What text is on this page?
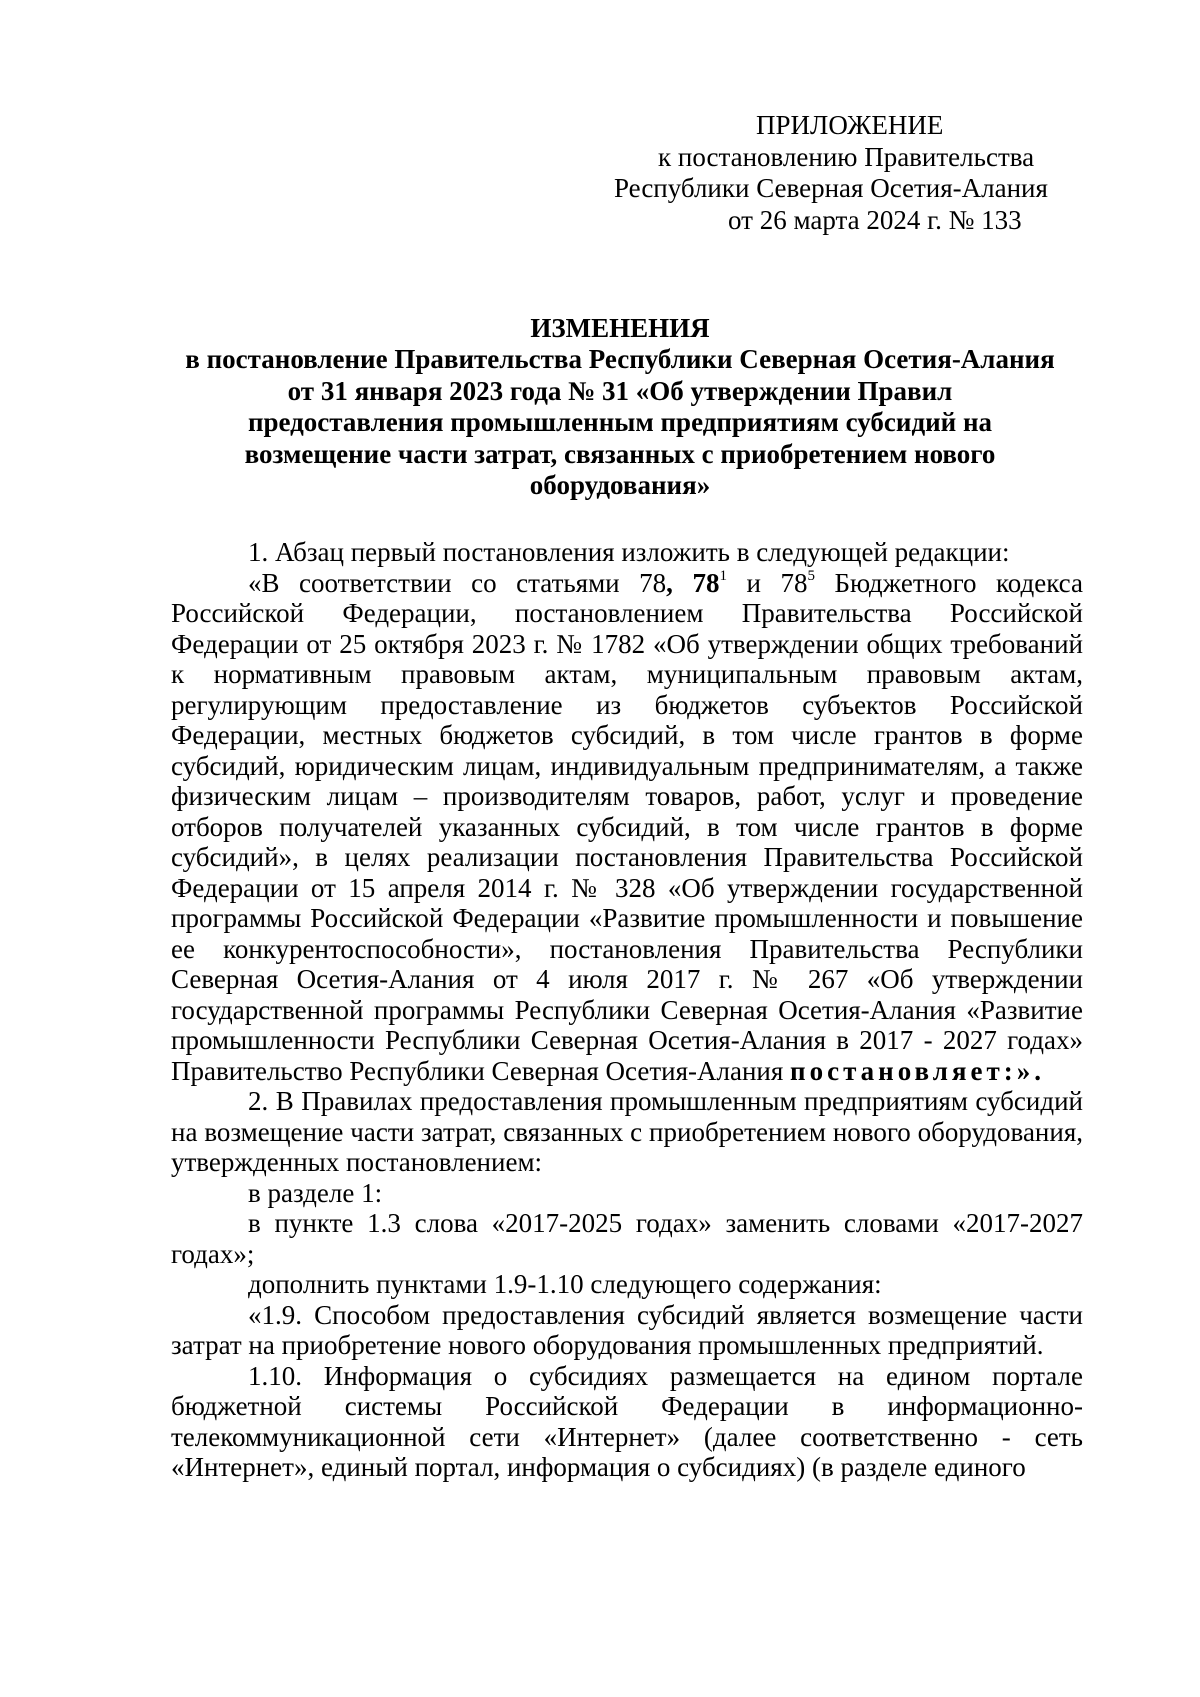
ПРИЛОЖЕНИЕ
к постановлению Правительства
Республики Северная Осетия-Алания
от 26 марта 2024 г. № 133
ИЗМЕНЕНИЯ
в постановление Правительства Республики Северная Осетия-Алания
от 31 января 2023 года № 31 «Об утверждении Правил
предоставления промышленным предприятиям субсидий на
возмещение части затрат, связанных с приобретением нового
оборудования»

1. Абзац первый постановления изложить в следующей редакции:

«В соответствии со статьями 78, $78^1$ и $78^5$ Бюджетного кодекса Российской Федерации, постановлением Правительства Российской Федерации от 25 октября 2023 г. № 1782 «Об утверждении общих требований к нормативным правовым актам, муниципальным правовым актам, регулирующим предоставление из бюджетов субъектов Российской Федерации, местных бюджетов субсидий, в том числе грантов в форме субсидий, юридическим лицам, индивидуальным предпринимателям, а также физическим лицам – производителям товаров, работ, услуг и проведение отборов получателей указанных субсидий, в том числе грантов в форме субсидий», в целях реализации постановления Правительства Российской Федерации от 15 апреля 2014 г. № 328 «Об утверждении государственной программы Российской Федерации «Развитие промышленности и повышение ее конкурентоспособности», постановления Правительства Республики Северная Осетия-Алания от 4 июля 2017 г. № 267 «Об утверждении государственной программы Республики Северная Осетия-Алания «Развитие промышленности Республики Северная Осетия-Алания в 2017 - 2027 годах» Правительство Республики Северная Осетия-Алания постановляет:».

2. В Правилах предоставления промышленным предприятиям субсидий на возмещение части затрат, связанных с приобретением нового оборудования, утвержденных постановлением:

в разделе 1:

в пункте 1.3 слова «2017-2025 годах» заменить словами «2017-2027 годах»;

дополнить пунктами 1.9-1.10 следующего содержания:

«1.9. Способом предоставления субсидий является возмещение части затрат на приобретение нового оборудования промышленных предприятий.

1.10. Информация о субсидиях размещается на едином портале бюджетной системы Российской Федерации в информационно-телекоммуникационной сети «Интернет» (далее соответственно - сеть «Интернет», единый портал, информация о субсидиях) (в разделе единого
